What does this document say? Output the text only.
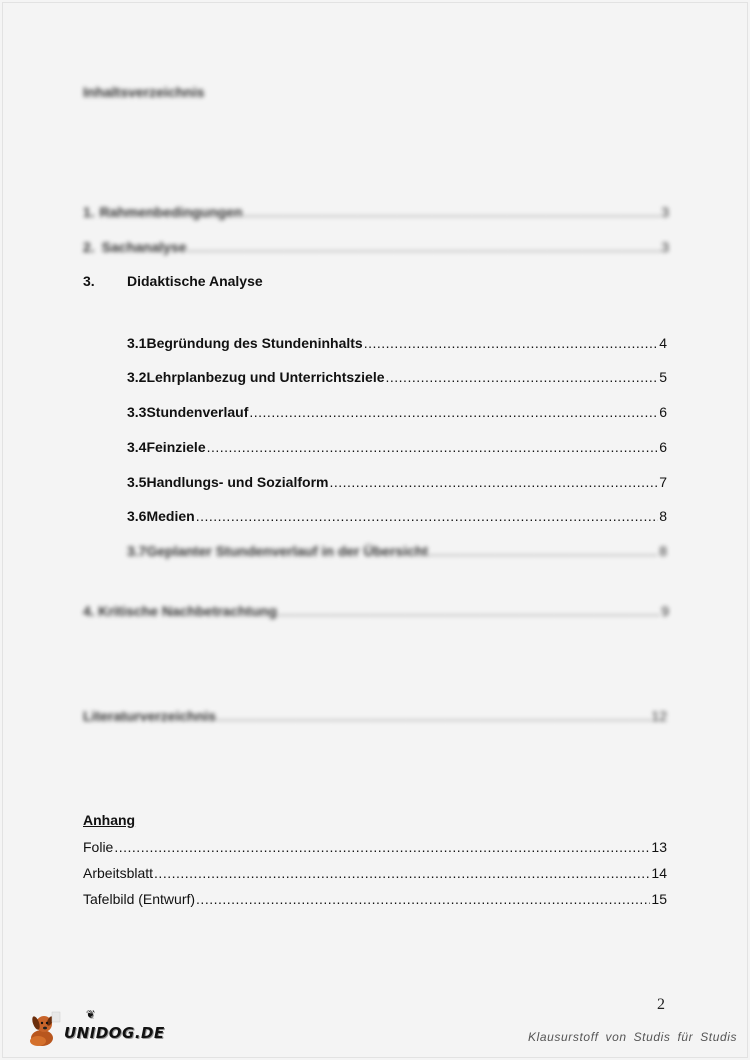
Inhaltsverzeichnis
1. Rahmenbedingungen .....	3
2. Sachanalyse .....	3
3.	Didaktische Analyse
3.1 Begründung des Stundeninhalts .....	4
3.2 Lehrplanbezug und Unterrichtsziele .....	5
3.3 Stundenverlauf .....	6
3.4 Feinziele .....	6
3.5 Handlungs- und Sozialform .....	7
3.6 Medien .....	8
3.7 Geplanter Stundenverlauf in der Übersicht .....	8
4. Kritische Nachbetrachtung .....	9
Literaturverzeichnis .....	12
Anhang
Folie .....	13
Arbeitsblatt .....	14
Tafelbild (Entwurf) .....	15
2
❦
UNIDOG.DE	Klausurstoff von Studis für Studis
